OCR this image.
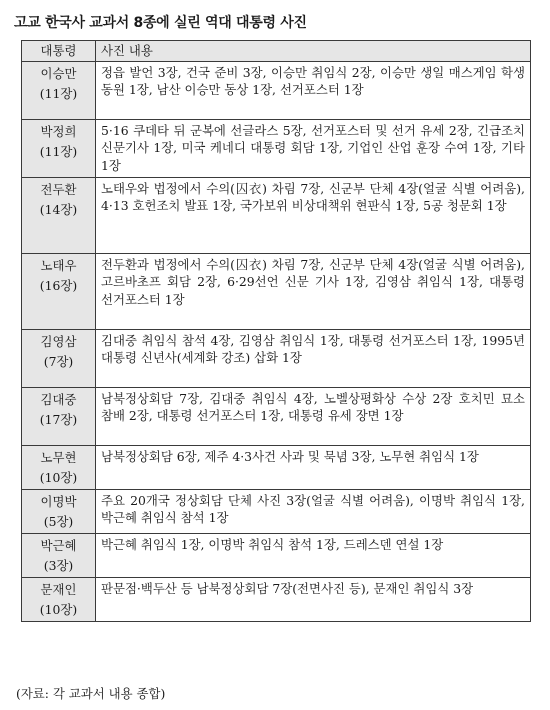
고교 한국사 교과서 8종에 실린 역대 대통령 사진
대통령	사진 내용

이승만
(11장)	정읍 발언 3장, 건국 준비 3장, 이승만 취임식 2장, 이승만 생일 매스게임 학생 동원 1장, 남산 이승만 동상 1장, 선거포스터 1장

박정희
(11장)	5·16 쿠데타 뒤 군복에 선글라스 5장, 선거포스터 및 선거 유세 2장, 긴급조치 신문기사 1장, 미국 케네디 대통령 회담 1장, 기업인 산업 훈장 수여 1장, 기타 1장

전두환
(14장)	노태우와 법정에서 수의(囚衣) 차림 7장, 신군부 단체 4장(얼굴 식별 어려움), 4·13 호헌조치 발표 1장, 국가보위 비상대책위 현판식 1장, 5공 청문회 1장

노태우
(16장)	전두환과 법정에서 수의(囚衣) 차림 7장, 신군부 단체 4장(얼굴 식별 어려움), 고르바초프 회담 2장, 6·29선언 신문 기사 1장, 김영삼 취임식 1장, 대통령 선거포스터 1장

김영삼
(7장)	김대중 취임식 참석 4장, 김영삼 취임식 1장, 대통령 선거포스터 1장, 1995년 대통령 신년사(세계화 강조) 삽화 1장

김대중
(17장)	남북정상회담 7장, 김대중 취임식 4장, 노벨상평화상 수상 2장 호치민 묘소 참배 2장, 대통령 선거포스터 1장, 대통령 유세 장면 1장

노무현
(10장)	남북정상회담 6장, 제주 4·3사건 사과 및 묵념 3장, 노무현 취임식 1장

이명박
(5장)	주요 20개국 정상회담 단체 사진 3장(얼굴 식별 어려움), 이명박 취임식 1장, 박근혜 취임식 참석 1장

박근혜
(3장)	박근혜 취임식 1장, 이명박 취임식 참석 1장, 드레스덴 연설 1장

문재인
(10장)	판문점·백두산 등 남북정상회담 7장(전면사진 등), 문재인 취임식 3장
(자료: 각 교과서 내용 종합)
